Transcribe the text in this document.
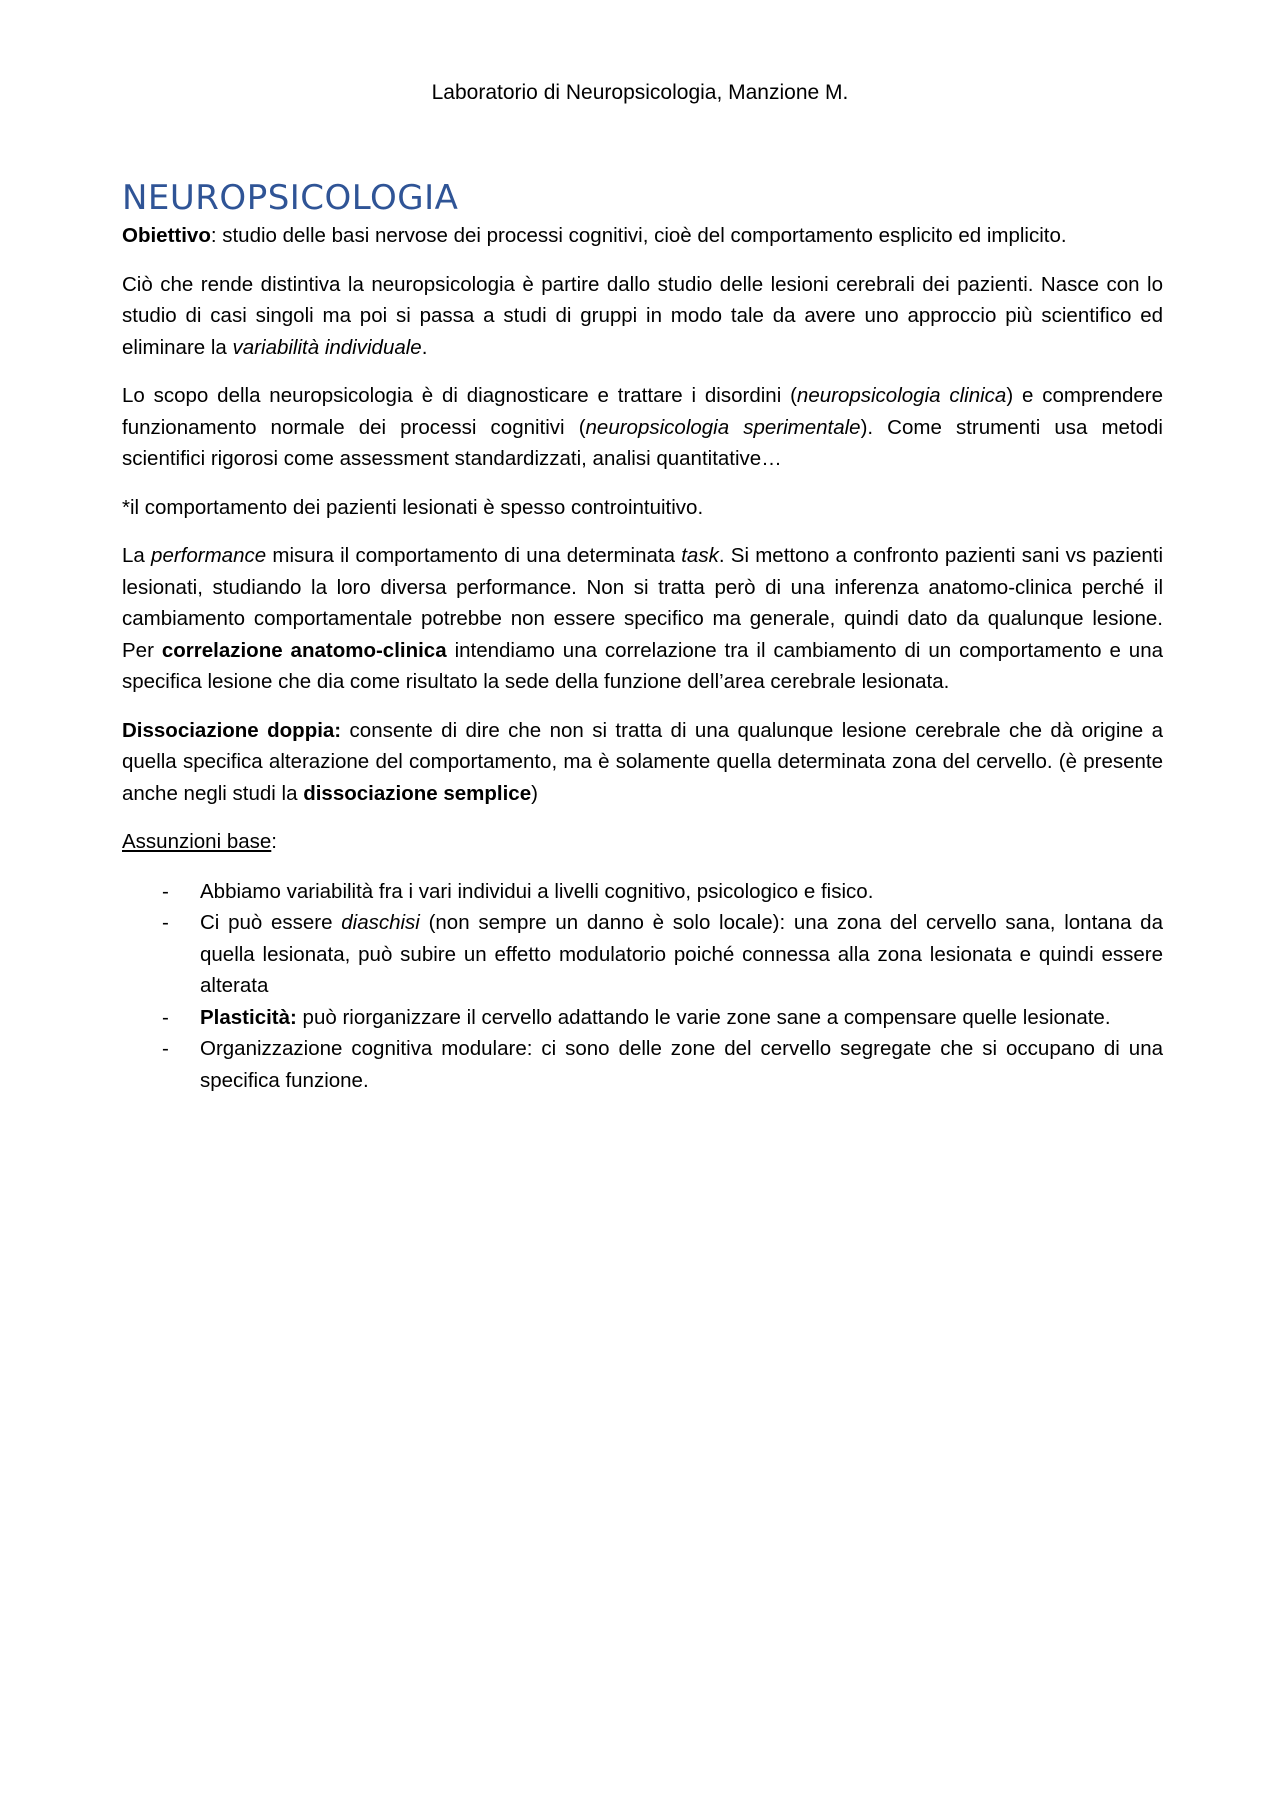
Laboratorio di Neuropsicologia, Manzione M.
NEUROPSICOLOGIA

Obiettivo: studio delle basi nervose dei processi cognitivi, cioè del comportamento esplicito ed implicito.

Ciò che rende distintiva la neuropsicologia è partire dallo studio delle lesioni cerebrali dei pazienti. Nasce con lo studio di casi singoli ma poi si passa a studi di gruppi in modo tale da avere uno approccio più scientifico ed eliminare la variabilità individuale.

Lo scopo della neuropsicologia è di diagnosticare e trattare i disordini (neuropsicologia clinica) e comprendere funzionamento normale dei processi cognitivi (neuropsicologia sperimentale). Come strumenti usa metodi scientifici rigorosi come assessment standardizzati, analisi quantitative…

*il comportamento dei pazienti lesionati è spesso controintuitivo.

La performance misura il comportamento di una determinata task. Si mettono a confronto pazienti sani vs pazienti lesionati, studiando la loro diversa performance. Non si tratta però di una inferenza anatomo-clinica perché il cambiamento comportamentale potrebbe non essere specifico ma generale, quindi dato da qualunque lesione. Per correlazione anatomo-clinica intendiamo una correlazione tra il cambiamento di un comportamento e una specifica lesione che dia come risultato la sede della funzione dell’area cerebrale lesionata.

Dissociazione doppia: consente di dire che non si tratta di una qualunque lesione cerebrale che dà origine a quella specifica alterazione del comportamento, ma è solamente quella determinata zona del cervello. (è presente anche negli studi la dissociazione semplice)

Assunzioni base:

- Abbiamo variabilità fra i vari individui a livelli cognitivo, psicologico e fisico.
- Ci può essere diaschisi (non sempre un danno è solo locale): una zona del cervello sana, lontana da quella lesionata, può subire un effetto modulatorio poiché connessa alla zona lesionata e quindi essere alterata
- Plasticità: può riorganizzare il cervello adattando le varie zone sane a compensare quelle lesionate.
- Organizzazione cognitiva modulare: ci sono delle zone del cervello segregate che si occupano di una specifica funzione.
